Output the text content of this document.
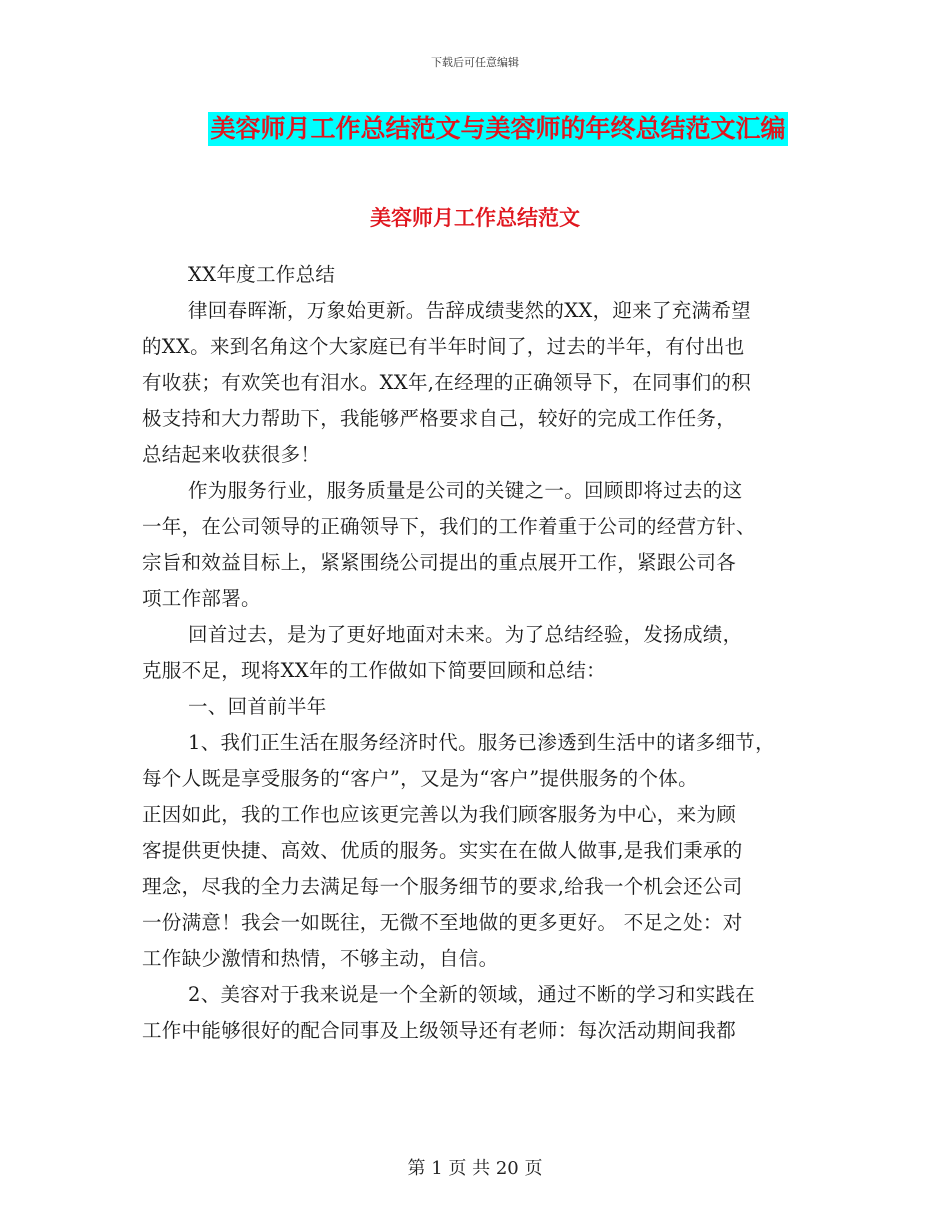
下载后可任意编辑
美容师月工作总结范文与美容师的年终总结范文汇编
美容师月工作总结范文
XX年度工作总结
律回春晖渐，万象始更新。告辞成绩斐然的XX，迎来了充满希望
的XX。来到名角这个大家庭已有半年时间了，过去的半年，有付出也
有收获；有欢笑也有泪水。XX年,在经理的正确领导下，在同事们的积
极支持和大力帮助下，我能够严格要求自己，较好的完成工作任务，
总结起来收获很多！
作为服务行业，服务质量是公司的关键之一。回顾即将过去的这
一年，在公司领导的正确领导下，我们的工作着重于公司的经营方针、
宗旨和效益目标上，紧紧围绕公司提出的重点展开工作，紧跟公司各
项工作部署。
回首过去，是为了更好地面对未来。为了总结经验，发扬成绩，
克服不足，现将XX年的工作做如下简要回顾和总结：
一、回首前半年
1、我们正生活在服务经济时代。服务已渗透到生活中的诸多细节，
每个人既是享受服务的“客户”，又是为“客户”提供服务的个体。
正因如此，我的工作也应该更完善以为我们顾客服务为中心，来为顾
客提供更快捷、高效、优质的服务。实实在在做人做事,是我们秉承的
理念，尽我的全力去满足每一个服务细节的要求,给我一个机会还公司
一份满意！我会一如既往，无微不至地做的更多更好。 不足之处：对
工作缺少激情和热情，不够主动，自信。
2、美容对于我来说是一个全新的领域，通过不断的学习和实践在
工作中能够很好的配合同事及上级领导还有老师：每次活动期间我都
第 1 页 共 20 页
